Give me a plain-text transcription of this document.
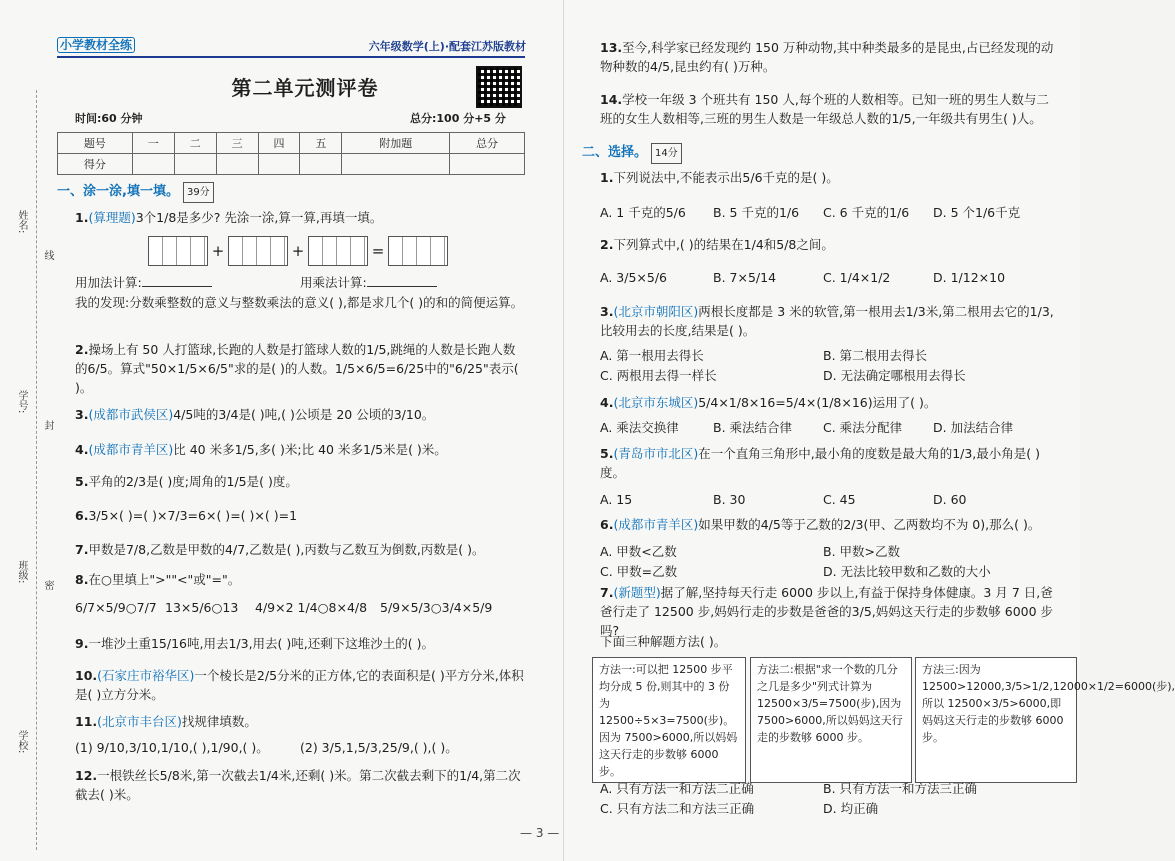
姓名:
线
学号:
封
班级:
密
学校:
小学教材全练	六年级数学(上)·配套江苏版教材
第二单元测评卷
时间:60 分钟	总分:100 分+5 分
题号	一	二	三	四	五	附加题	总分
得分							
一、涂一涂,填一填。 39分
1.(算理题)3个1/8是多少? 先涂一涂,算一算,再填一填。
+	+	=
用加法计算:	用乘法计算:
我的发现:分数乘整数的意义与整数乘法的意义( ),都是求几个( )的和的简便运算。
2.操场上有 50 人打篮球,长跑的人数是打篮球人数的1/5,跳绳的人数是长跑人数的6/5。算式"50×1/5×6/5"求的是( )的人数。1/5×6/5=6/25中的"6/25"表示( )。
3.(成都市武侯区)4/5吨的3/4是( )吨,( )公顷是 20 公顷的3/10。
4.(成都市青羊区)比 40 米多1/5,多( )米;比 40 米多1/5米是( )米。
5.平角的2/3是( )度;周角的1/5是( )度。
6.3/5×( )=( )×7/3=6×( )=( )×( )=1
7.甲数是7/8,乙数是甲数的4/7,乙数是( ),丙数与乙数互为倒数,丙数是( )。
8.在○里填上">""<"或"="。
6/7×5/9○7/7 13×5/6○13 4/9×2 1/4○8×4/8 5/9×5/3○3/4×5/9
9.一堆沙土重15/16吨,用去1/3,用去( )吨,还剩下这堆沙土的( )。
10.(石家庄市裕华区)一个棱长是2/5分米的正方体,它的表面积是( )平方分米,体积是( )立方分米。
11.(北京市丰台区)找规律填数。
(1) 9/10,3/10,1/10,( ),1/90,( )。 (2) 3/5,1,5/3,25/9,( ),( )。
12.一根铁丝长5/8米,第一次截去1/4米,还剩( )米。第二次截去剩下的1/4,第二次截去( )米。
13.至今,科学家已经发现约 150 万种动物,其中种类最多的是昆虫,占已经发现的动物种数的4/5,昆虫约有( )万种。
14.学校一年级 3 个班共有 150 人,每个班的人数相等。已知一班的男生人数与二班的女生人数相等,三班的男生人数是一年级总人数的1/5,一年级共有男生( )人。
二、选择。 14分
1.下列说法中,不能表示出5/6千克的是( )。
A. 1 千克的5/6 B. 5 千克的1/6 C. 6 千克的1/6 D. 5 个1/6千克
2.下列算式中,( )的结果在1/4和5/8之间。
A. 3/5×5/6	B. 7×5/14	C. 1/4×1/2	D. 1/12×10
3.(北京市朝阳区)两根长度都是 3 米的软管,第一根用去1/3米,第二根用去它的1/3,比较用去的长度,结果是( )。
A. 第一根用去得长	B. 第二根用去得长
C. 两根用去得一样长	D. 无法确定哪根用去得长
4.(北京市东城区)5/4×1/8×16=5/4×(1/8×16)运用了( )。
A. 乘法交换律	B. 乘法结合律 C. 乘法分配律 D. 加法结合律
5.(青岛市市北区)在一个直角三角形中,最小角的度数是最大角的1/3,最小角是( )度。
A. 15	B. 30	C. 45	D. 60
6.(成都市青羊区)如果甲数的4/5等于乙数的2/3(甲、乙两数均不为 0),那么( )。
A. 甲数<乙数	B. 甲数>乙数
C. 甲数=乙数	D. 无法比较甲数和乙数的大小
7.(新题型)据了解,坚持每天行走 6000 步以上,有益于保持身体健康。3 月 7 日,爸爸行走了 12500 步,妈妈行走的步数是爸爸的3/5,妈妈这天行走的步数够 6000 步吗?
下面三种解题方法( )。
方法一:可以把 12500 步平均分成 5 份,则其中的 3 份为 12500÷5×3=7500(步)。因为 7500>6000,所以妈妈这天行走的步数够 6000 步。
方法二:根据"求一个数的几分之几是多少"列式计算为 12500×3/5=7500(步),因为 7500>6000,所以妈妈这天行走的步数够 6000 步。
方法三:因为 12500>12000,3/5>1/2,12000×1/2=6000(步),所以 12500×3/5>6000,即妈妈这天行走的步数够 6000 步。
A. 只有方法一和方法二正确	B. 只有方法一和方法三正确
C. 只有方法二和方法三正确	D. 均正确
— 3 —
